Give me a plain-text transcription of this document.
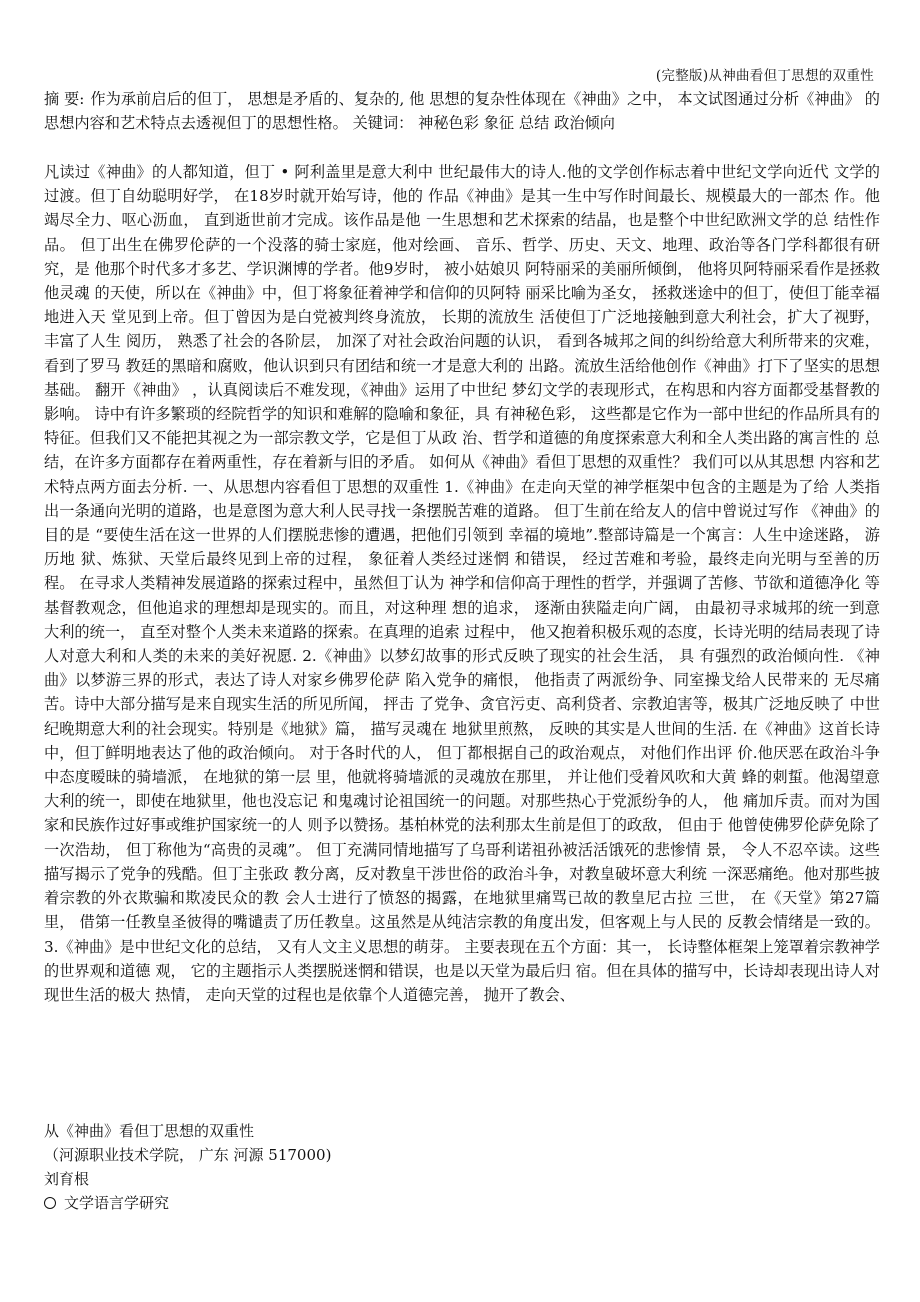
(完整版)从神曲看但丁思想的双重性

摘 要: 作为承前启后的但丁， 思想是矛盾的、复杂的, 他 思想的复杂性体现在《神曲》之中， 本文试图通过分析《神曲》 的思想内容和艺术特点去透视但丁的思想性格。 关键词： 神秘色彩 象征 总结 政治倾向

凡读过《神曲》的人都知道，但丁 • 阿利盖里是意大利中 世纪最伟大的诗人.他的文学创作标志着中世纪文学向近代 文学的过渡。但丁自幼聪明好学， 在18岁时就开始写诗，他的 作品《神曲》是其一生中写作时间最长、规模最大的一部杰 作。他竭尽全力、呕心沥血， 直到逝世前才完成。该作品是他 一生思想和艺术探索的结晶，也是整个中世纪欧洲文学的总 结性作品。 但丁出生在佛罗伦萨的一个没落的骑士家庭，他对绘画、 音乐、哲学、历史、天文、地理、政治等各门学科都很有研究，是 他那个时代多才多艺、学识渊博的学者。他9岁时， 被小姑娘贝 阿特丽采的美丽所倾倒， 他将贝阿特丽采看作是拯救他灵魂 的天使，所以在《神曲》中，但丁将象征着神学和信仰的贝阿特 丽采比喻为圣女， 拯救迷途中的但丁，使但丁能幸福地进入天 堂见到上帝。但丁曾因为是白党被判终身流放， 长期的流放生 活使但丁广泛地接触到意大利社会，扩大了视野， 丰富了人生 阅历， 熟悉了社会的各阶层， 加深了对社会政治问题的认识， 看到各城邦之间的纠纷给意大利所带来的灾难， 看到了罗马 教廷的黑暗和腐败，他认识到只有团结和统一才是意大利的 出路。流放生活给他创作《神曲》打下了坚实的思想基础。 翻开《神曲》 ，认真阅读后不难发现，《神曲》运用了中世纪 梦幻文学的表现形式，在构思和内容方面都受基督教的影响。 诗中有许多繁琐的经院哲学的知识和难解的隐喻和象征，具 有神秘色彩， 这些都是它作为一部中世纪的作品所具有的特征。但我们又不能把其视之为一部宗教文学，它是但丁从政 治、哲学和道德的角度探索意大利和全人类出路的寓言性的 总结，在许多方面都存在着两重性，存在着新与旧的矛盾。 如何从《神曲》看但丁思想的双重性？ 我们可以从其思想 内容和艺术特点两方面去分析. 一、从思想内容看但丁思想的双重性 1.《神曲》在走向天堂的神学框架中包含的主题是为了给 人类指出一条通向光明的道路，也是意图为意大利人民寻找一条摆脱苦难的道路。 但丁生前在给友人的信中曾说过写作 《神曲》的目的是 “要使生活在这一世界的人们摆脱悲惨的遭遇，把他们引领到 幸福的境地”.整部诗篇是一个寓言：人生中途迷路， 游历地 狱、炼狱、天堂后最终见到上帝的过程， 象征着人类经过迷惘 和错误， 经过苦难和考验，最终走向光明与至善的历程。 在寻求人类精神发展道路的探索过程中，虽然但丁认为 神学和信仰高于理性的哲学，并强调了苦修、节欲和道德净化 等基督教观念，但他追求的理想却是现实的。而且，对这种理 想的追求， 逐渐由狭隘走向广阔， 由最初寻求城邦的统一到意 大利的统一， 直至对整个人类未来道路的探索。在真理的追索 过程中， 他又抱着积极乐观的态度，长诗光明的结局表现了诗 人对意大利和人类的未来的美好祝愿. 2.《神曲》以梦幻故事的形式反映了现实的社会生活， 具 有强烈的政治倾向性. 《神曲》以梦游三界的形式，表达了诗人对家乡佛罗伦萨 陷入党争的痛恨， 他指责了两派纷争、同室操戈给人民带来的 无尽痛苦。诗中大部分描写是来自现实生活的所见所闻， 抨击 了党争、贪官污吏、高利贷者、宗教迫害等，极其广泛地反映了 中世纪晚期意大利的社会现实。特别是《地狱》篇， 描写灵魂在 地狱里煎熬， 反映的其实是人世间的生活. 在《神曲》这首长诗中，但丁鲜明地表达了他的政治倾向。 对于各时代的人， 但丁都根据自己的政治观点， 对他们作出评 价.他厌恶在政治斗争中态度暧昧的骑墙派， 在地狱的第一层 里，他就将骑墙派的灵魂放在那里， 并让他们受着风吹和大黄 蜂的刺蜇。他渴望意大利的统一，即使在地狱里，他也没忘记 和鬼魂讨论祖国统一的问题。对那些热心于党派纷争的人， 他 痛加斥责。而对为国家和民族作过好事或维护国家统一的人 则予以赞扬。基柏林党的法利那太生前是但丁的政敌， 但由于 他曾使佛罗伦萨免除了一次浩劫， 但丁称他为“高贵的灵魂”。 但丁充满同情地描写了乌哥利诺祖孙被活活饿死的悲惨情 景， 令人不忍卒读。这些描写揭示了党争的残酷。但丁主张政 教分离，反对教皇干涉世俗的政治斗争，对教皇破坏意大利统 一深恶痛绝。他对那些披着宗教的外衣欺骗和欺凌民众的教 会人士进行了愤怒的揭露，在地狱里痛骂已故的教皇尼古拉 三世， 在《天堂》第27篇里， 借第一任教皇圣彼得的嘴谴责了历任教皇。这虽然是从纯洁宗教的角度出发，但客观上与人民的 反教会情绪是一致的。 3.《神曲》是中世纪文化的总结， 又有人文主义思想的萌芽。 主要表现在五个方面：其一， 长诗整体框架上笼罩着宗教神学的世界观和道德 观， 它的主题指示人类摆脱迷惘和错误，也是以天堂为最后归 宿。但在具体的描写中，长诗却表现出诗人对现世生活的极大 热情， 走向天堂的过程也是依靠个人道德完善， 抛开了教会、

从《神曲》看但丁思想的双重性
（河源职业技术学院， 广东 河源 517000)
刘育根
文学语言学研究
